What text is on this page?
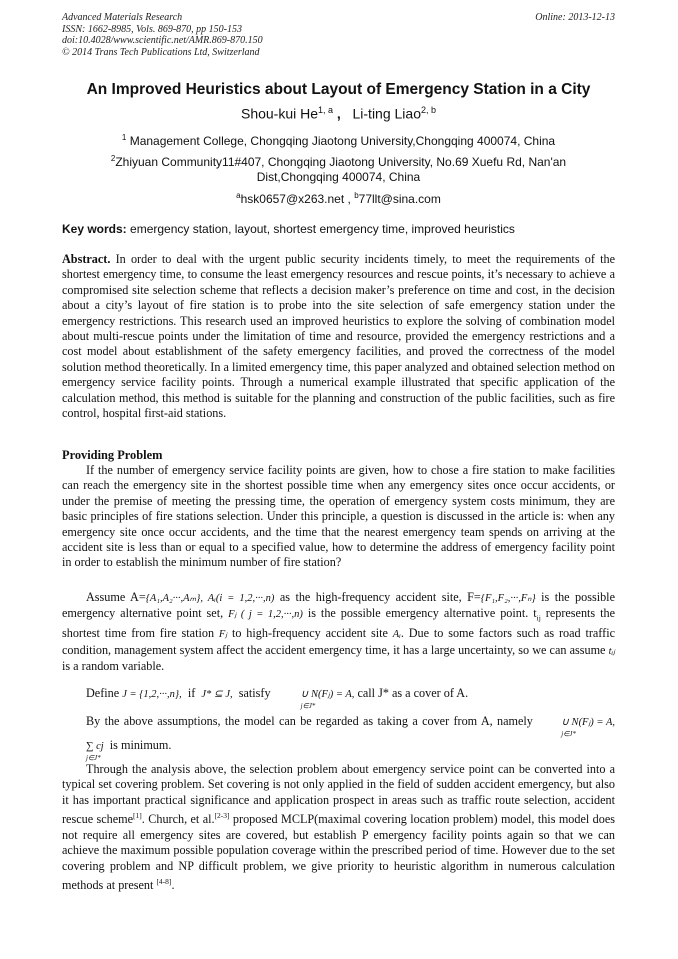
Advanced Materials Research
ISSN: 1662-8985, Vols. 869-870, pp 150-153
doi:10.4028/www.scientific.net/AMR.869-870.150
© 2014 Trans Tech Publications Ltd, Switzerland
Online: 2013-12-13
An Improved Heuristics about Layout of Emergency Station in a City
Shou-kui He$^{1, a}$ ,   Li-ting Liao$^{2, b}$
$^1$ Management College, Chongqing Jiaotong University,Chongqing 400074, China
$^2$Zhiyuan Community11#407, Chongqing Jiaotong University, No.69 Xuefu Rd, Nan'an Dist,Chongqing 400074, China
$^a$hsk0657@x263.net , $^b$77llt@sina.com
Key words: emergency station, layout, shortest emergency time, improved heuristics

Abstract. In order to deal with the urgent public security incidents timely, to meet the requirements of the shortest emergency time, to consume the least emergency resources and rescue points, it’s necessary to achieve a compromised site selection scheme that reflects a decision maker’s preference on time and cost, in the decision about a city’s layout of fire station is to probe into the site selection of safe emergency station under the emergency restrictions. This research used an improved heuristics to explore the solving of combination model about multi-rescue points under the limitation of time and resource, provided the emergency restrictions and a cost model about establishment of the safety emergency facilities, and proved the correctness of the model solution method theoretically. In a limited emergency time, this paper analyzed and obtained selection method on emergency service facility points. Through a numerical example illustrated that specific application of the calculation method, this method is suitable for the planning and construction of the public facilities, such as fire control, hospital first-aid stations.

Providing Problem

If the number of emergency service facility points are given, how to chose a fire station to make facilities can reach the emergency site in the shortest possible time when any emergency sites once occur accidents, or under the premise of meeting the pressing time, the operation of emergency system costs minimum, they are basic principles of fire stations selection. Under this principle, a question is discussed in the article is: when any emergency site once occur accidents, and the time that the nearest emergency team spends on arriving at the accident site is less than or equal to a specified value, how to determine the address of emergency facility point in order to establish the minimum number of fire station?

Assume A={A₁,A₂···,Aₘ}, Aᵢ(i = 1,2,···,n) as the high-frequency accident site, F={F₁,F₂,···,Fₙ} is the possible emergency alternative point set, Fⱼ ( j = 1,2,···,n) is the possible emergency alternative point. $t_{ij}$ represents the shortest time from fire station Fⱼ to high-frequency accident site Aᵢ. Due to some factors such as road traffic condition, management system affect the accident emergency time, it has a large uncertainty, so we can assume tᵢⱼ is a random variable.

Define J = {1,2,···,n},  if  J* ⊆ J,  satisfy  ∪ N(Fⱼ) = A,
j∈J*
call J* as a cover of A.

By the above assumptions, the model can be regarded as taking a cover from A, namely ∪ N(Fⱼ) = A,
j∈J*
∑ cj
j∈J*
is minimum.

Through the analysis above, the selection problem about emergency service point can be converted into a typical set covering problem. Set covering is not only applied in the field of sudden accident emergency, but also it has important practical significance and application prospect in areas such as traffic route selection, accident rescue scheme[1]. Church, et al.[2-3] proposed MCLP(maximal covering location problem) model, this model does not require all emergency sites are covered, but establish P emergency facility points again so that we can achieve the maximum possible population coverage within the prescribed period of time. However due to the set covering problem and NP difficult problem, we give priority to heuristic algorithm in numerous calculation methods at present [4-8].
